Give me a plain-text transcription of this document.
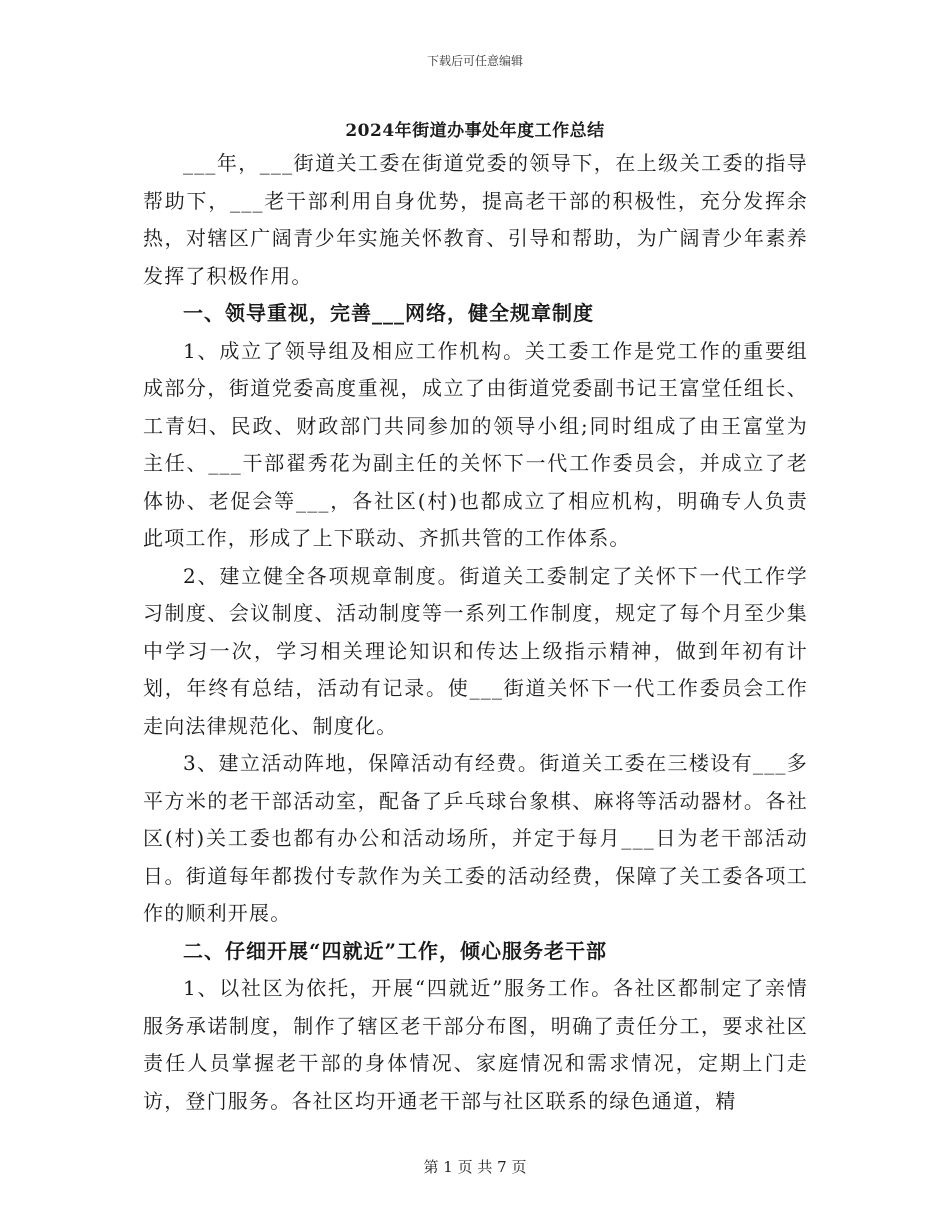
下载后可任意编辑
2024年街道办事处年度工作总结

___年，___街道关工委在街道党委的领导下，在上级关工委的指导帮助下，___老干部利用自身优势，提高老干部的积极性，充分发挥余热，对辖区广阔青少年实施关怀教育、引导和帮助，为广阔青少年素养发挥了积极作用。

一、领导重视，完善___网络，健全规章制度

1、成立了领导组及相应工作机构。关工委工作是党工作的重要组成部分，街道党委高度重视，成立了由街道党委副书记王富堂任组长、工青妇、民政、财政部门共同参加的领导小组;同时组成了由王富堂为主任、___干部翟秀花为副主任的关怀下一代工作委员会，并成立了老体协、老促会等___，各社区(村)也都成立了相应机构，明确专人负责此项工作，形成了上下联动、齐抓共管的工作体系。

2、建立健全各项规章制度。街道关工委制定了关怀下一代工作学习制度、会议制度、活动制度等一系列工作制度，规定了每个月至少集中学习一次，学习相关理论知识和传达上级指示精神，做到年初有计划，年终有总结，活动有记录。使___街道关怀下一代工作委员会工作走向法律规范化、制度化。

3、建立活动阵地，保障活动有经费。街道关工委在三楼设有___多平方米的老干部活动室，配备了乒乓球台象棋、麻将等活动器材。各社区(村)关工委也都有办公和活动场所，并定于每月___日为老干部活动日。街道每年都拨付专款作为关工委的活动经费，保障了关工委各项工作的顺利开展。

二、仔细开展“四就近”工作，倾心服务老干部

1、以社区为依托，开展“四就近”服务工作。各社区都制定了亲情服务承诺制度，制作了辖区老干部分布图，明确了责任分工，要求社区责任人员掌握老干部的身体情况、家庭情况和需求情况，定期上门走访，登门服务。各社区均开通老干部与社区联系的绿色通道，精

第 1 页 共 7 页
